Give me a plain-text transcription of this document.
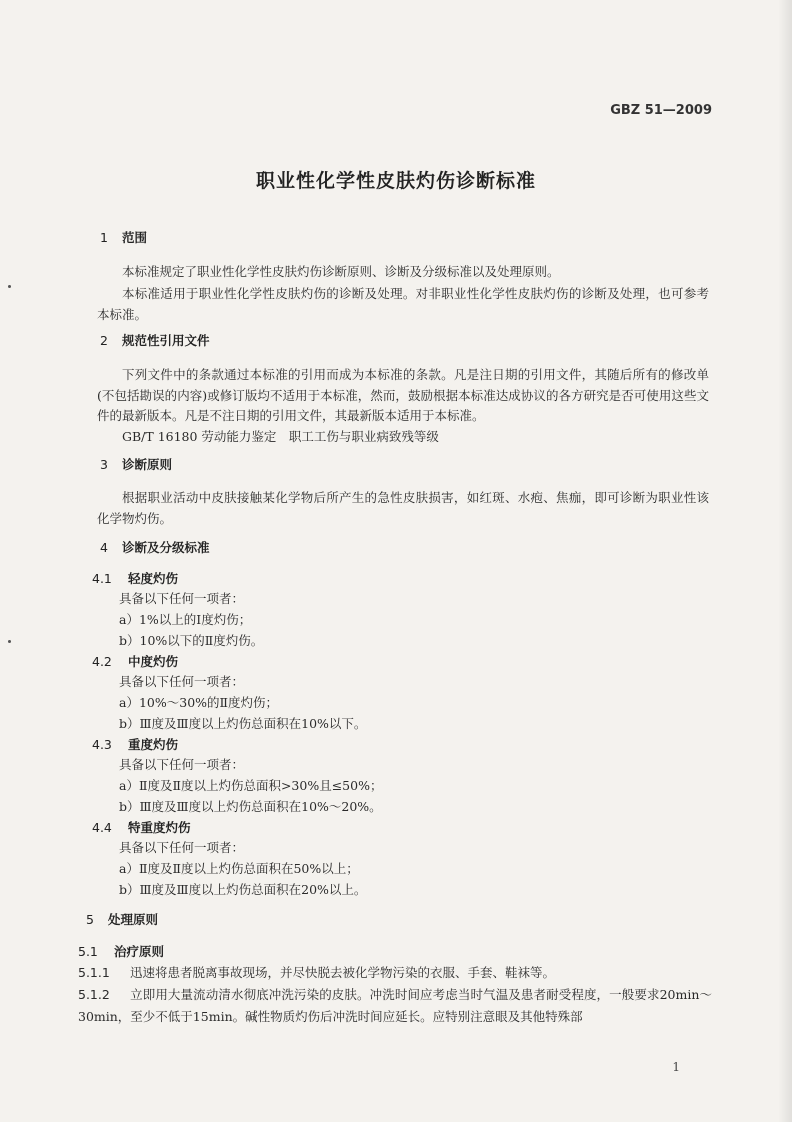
GBZ 51—2009
职业性化学性皮肤灼伤诊断标准
1 范围

本标准规定了职业性化学性皮肤灼伤诊断原则、诊断及分级标准以及处理原则。

本标准适用于职业性化学性皮肤灼伤的诊断及处理。对非职业性化学性皮肤灼伤的诊断及处理，也可参考本标准。

2 规范性引用文件

下列文件中的条款通过本标准的引用而成为本标准的条款。凡是注日期的引用文件，其随后所有的修改单(不包括勘误的内容)或修订版均不适用于本标准，然而，鼓励根据本标准达成协议的各方研究是否可使用这些文件的最新版本。凡是不注日期的引用文件，其最新版本适用于本标准。

GB/T 16180 劳动能力鉴定　职工工伤与职业病致残等级
3 诊断原则

根据职业活动中皮肤接触某化学物后所产生的急性皮肤损害，如红斑、水疱、焦痂，即可诊断为职业性该化学物灼伤。

4 诊断及分级标准
4.1 轻度灼伤
具备以下任何一项者：
a）1%以上的Ⅰ度灼伤；
b）10%以下的Ⅱ度灼伤。
4.2 中度灼伤
具备以下任何一项者：
a）10%～30%的Ⅱ度灼伤；
b）Ⅲ度及Ⅲ度以上灼伤总面积在10%以下。
4.3 重度灼伤
具备以下任何一项者：
a）Ⅱ度及Ⅱ度以上灼伤总面积>30%且≤50%；
b）Ⅲ度及Ⅲ度以上灼伤总面积在10%～20%。
4.4 特重度灼伤
具备以下任何一项者：
a）Ⅱ度及Ⅱ度以上灼伤总面积在50%以上；
b）Ⅲ度及Ⅲ度以上灼伤总面积在20%以上。
5 处理原则
5.1 治疗原则

5.1.1 迅速将患者脱离事故现场，并尽快脱去被化学物污染的衣服、手套、鞋袜等。

5.1.2 立即用大量流动清水彻底冲洗污染的皮肤。冲洗时间应考虑当时气温及患者耐受程度，一般要求20min～30min，至少不低于15min。碱性物质灼伤后冲洗时间应延长。应特别注意眼及其他特殊部

1
